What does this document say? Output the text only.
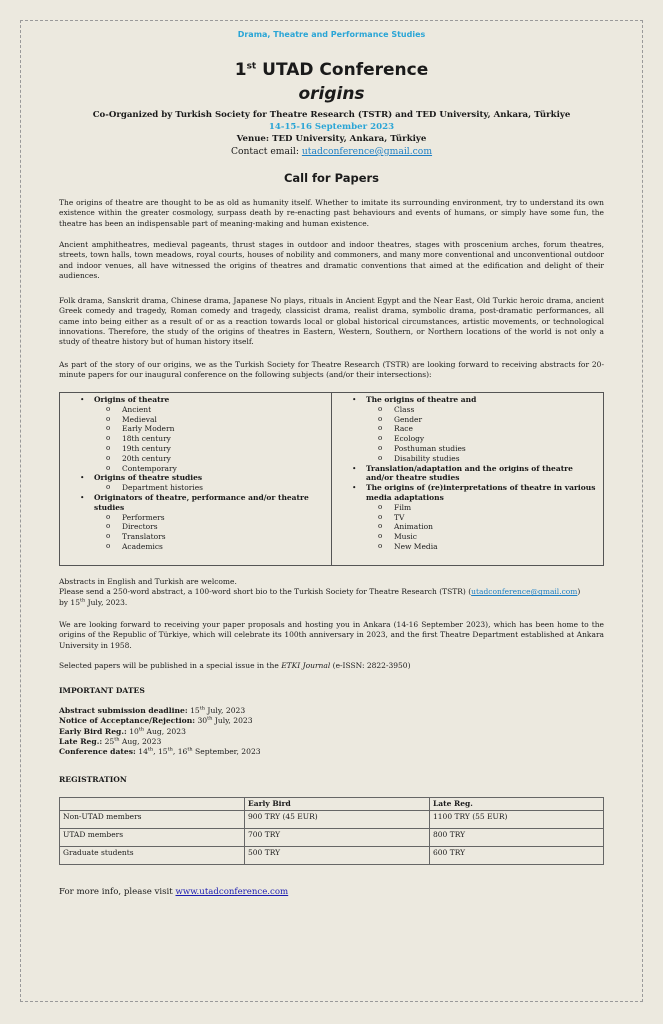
Drama, Theatre and Performance Studies
1st UTAD Conference
origins
Co-Organized by Turkish Society for Theatre Research (TSTR) and TED University, Ankara, Türkiye
14-15-16 September 2023
Venue: TED University, Ankara, Türkiye
Contact email: utadconference@gmail.com
Call for Papers
The origins of theatre are thought to be as old as humanity itself. Whether to imitate its surrounding environment, try to understand its own existence within the greater cosmology, surpass death by re-enacting past behaviours and events of humans, or simply have some fun, the theatre has been an indispensable part of meaning-making and human existence.
Ancient amphitheatres, medieval pageants, thrust stages in outdoor and indoor theatres, stages with proscenium arches, forum theatres, streets, town halls, town meadows, royal courts, houses of nobility and commoners, and many more conventional and unconventional outdoor and indoor venues, all have witnessed the origins of theatres and dramatic conventions that aimed at the edification and delight of their audiences.
Folk drama, Sanskrit drama, Chinese drama, Japanese No plays, rituals in Ancient Egypt and the Near East, Old Turkic heroic drama, ancient Greek comedy and tragedy, Roman comedy and tragedy, classicist drama, realist drama, symbolic drama, post-dramatic performances, all came into being either as a result of or as a reaction towards local or global historical circumstances, artistic movements, or technological innovations. Therefore, the study of the origins of theatres in Eastern, Western, Southern, or Northern locations of the world is not only a study of theatre history but of human history itself.
As part of the story of our origins, we as the Turkish Society for Theatre Research (TSTR) are looking forward to receiving abstracts for 20-minute papers for our inaugural conference on the following subjects (and/or their intersections):
• Origins of theatre
o Ancient
o Medieval
o Early Modern
o 18th century
o 19th century
o 20th century
o Contemporary
• Origins of theatre studies
o Department histories
• Originators of theatre, performance and/or theatre studies
o Performers
o Directors
o Translators
o Academics
• The origins of theatre and
o Class
o Gender
o Race
o Ecology
o Posthuman studies
o Disability studies
• Translation/adaptation and the origins of theatre and/or theatre studies
• The origins of (re)interpretations of theatre in various media adaptations
o Film
o TV
o Animation
o Music
o New Media
Abstracts in English and Turkish are welcome.
Please send a 250-word abstract, a 100-word short bio to the Turkish Society for Theatre Research (TSTR) (utadconference@gmail.com)
by 15th July, 2023.
We are looking forward to receiving your paper proposals and hosting you in Ankara (14-16 September 2023), which has been home to the origins of the Republic of Türkiye, which will celebrate its 100th anniversary in 2023, and the first Theatre Department established at Ankara University in 1958.
Selected papers will be published in a special issue in the ETKI Journal (e-ISSN: 2822-3950)
IMPORTANT DATES
Abstract submission deadline: 15th July, 2023
Notice of Acceptance/Rejection: 30th July, 2023
Early Bird Reg.: 10th Aug, 2023
Late Reg.: 25th Aug, 2023
Conference dates: 14th, 15th, 16th September, 2023
REGISTRATION
	Early Bird	Late Reg.
Non-UTAD members	900 TRY (45 EUR)	1100 TRY (55 EUR)
UTAD members	700 TRY	800 TRY
Graduate students	500 TRY	600 TRY
For more info, please visit www.utadconference.com
